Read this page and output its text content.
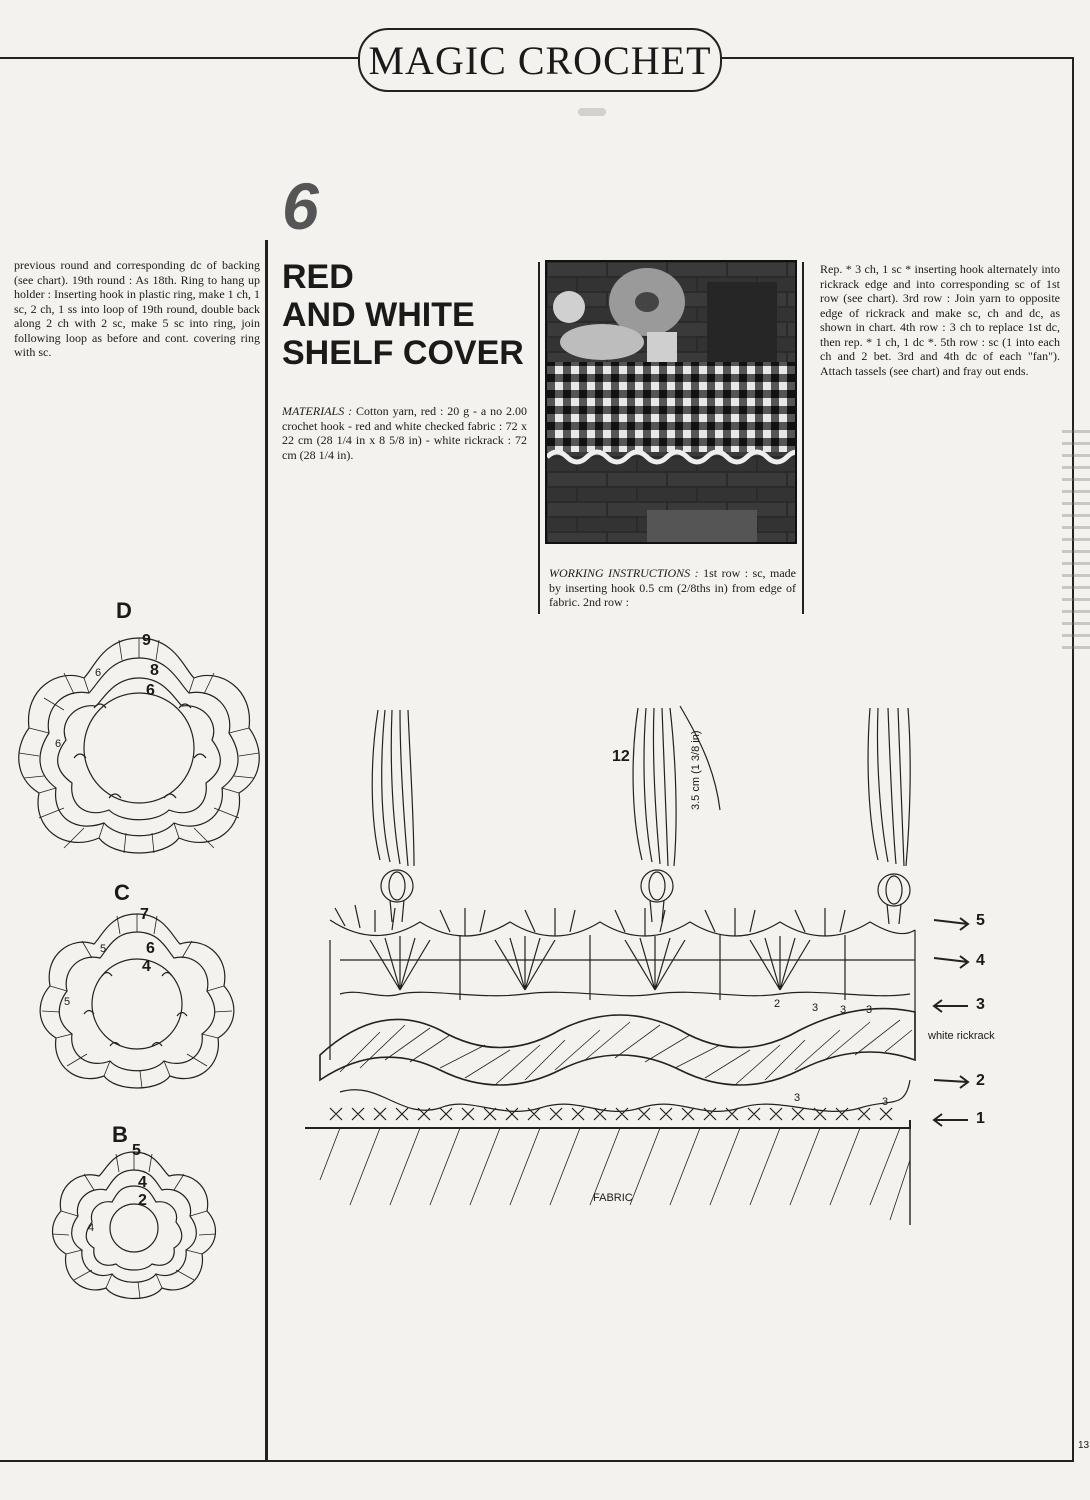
MAGIC CROCHET
previous round and corresponding dc of backing (see chart). 19th round : As 18th. Ring to hang up holder : Inserting hook in plastic ring, make 1 ch, 1 sc, 2 ch, 1 ss into loop of 19th round, double back along 2 ch with 2 sc, make 5 sc into ring, join following loop as before and cont. covering ring with sc.
6
RED
AND WHITE
SHELF COVER
MATERIALS : Cotton yarn, red : 20 g - a no 2.00 crochet hook - red and white checked fabric : 72 x 22 cm (28 1/4 in x 8 5/8 in) - white rickrack : 72 cm (28 1/4 in).
WORKING INSTRUCTIONS : 1st row : sc, made by inserting hook 0.5 cm (2/8ths in) from edge of fabric. 2nd row :
Rep. * 3 ch, 1 sc * inserting hook alternately into rickrack edge and into corresponding sc of 1st row (see chart). 3rd row : Join yarn to opposite edge of rickrack and make sc, ch and dc, as shown in chart. 4th row : 3 ch to replace 1st dc, then rep. * 1 ch, 1 dc *. 5th row : sc (1 into each ch and 2 bet. 3rd and 4th dc of each "fan"). Attach tassels (see chart) and fray out ends.
D
9
8
6
6
6
C
7
6
5
5
4
B
5
4
4
2
12	3.5 cm (1 3/8 in)
5
4
3
2
1
white rickrack
FABRIC
3	3
3	3
3
2
13
